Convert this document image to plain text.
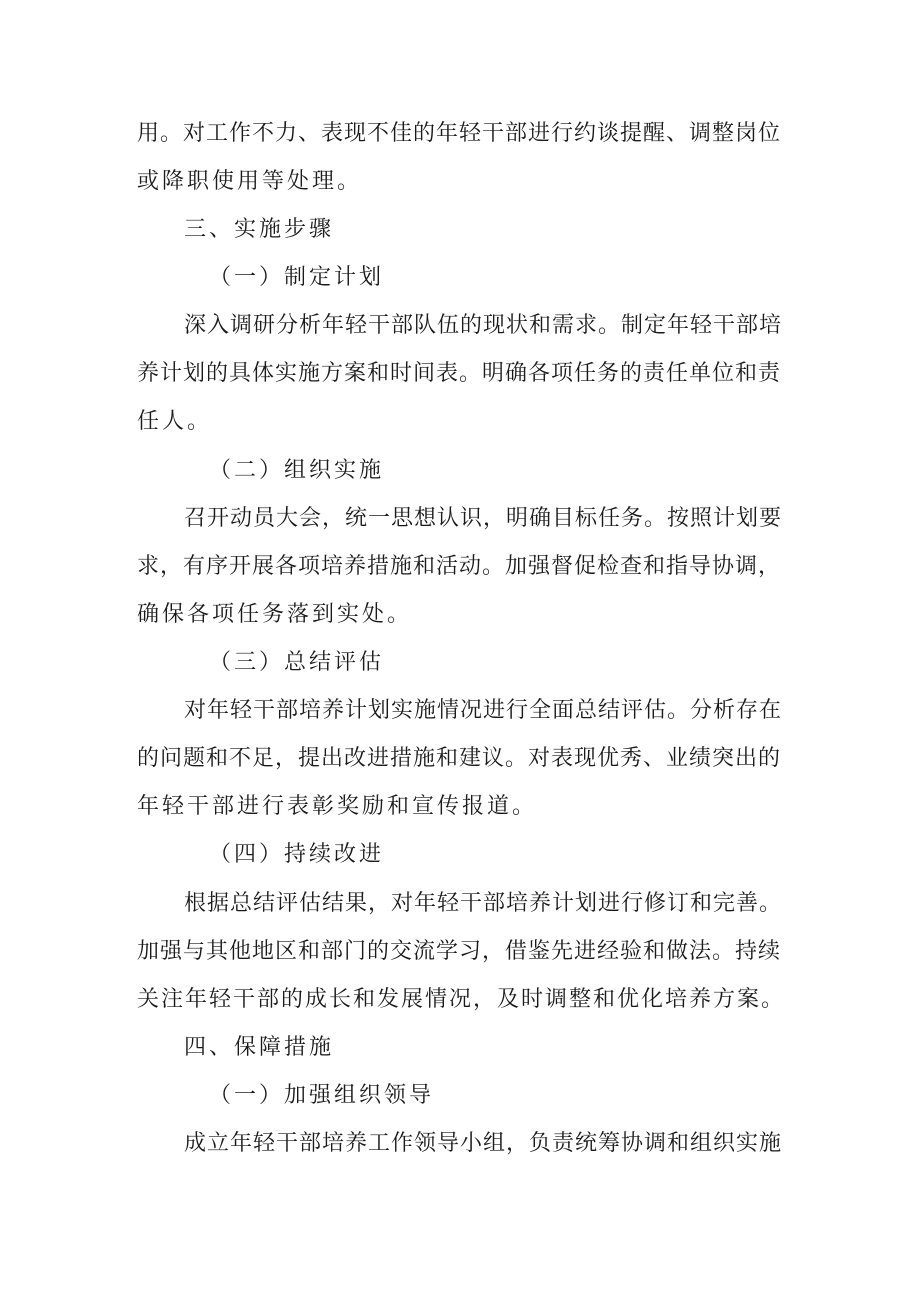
用。对工作不力、表现不佳的年轻干部进行约谈提醒、调整岗位
或降职使用等处理。
三、实施步骤
（一）制定计划
深入调研分析年轻干部队伍的现状和需求。制定年轻干部培
养计划的具体实施方案和时间表。明确各项任务的责任单位和责
任人。
（二）组织实施
召开动员大会，统一思想认识，明确目标任务。按照计划要
求，有序开展各项培养措施和活动。加强督促检查和指导协调，
确保各项任务落到实处。
（三）总结评估
对年轻干部培养计划实施情况进行全面总结评估。分析存在
的问题和不足，提出改进措施和建议。对表现优秀、业绩突出的
年轻干部进行表彰奖励和宣传报道。
（四）持续改进
根据总结评估结果，对年轻干部培养计划进行修订和完善。
加强与其他地区和部门的交流学习，借鉴先进经验和做法。持续
关注年轻干部的成长和发展情况，及时调整和优化培养方案。
四、保障措施
（一）加强组织领导
成立年轻干部培养工作领导小组，负责统筹协调和组织实施
